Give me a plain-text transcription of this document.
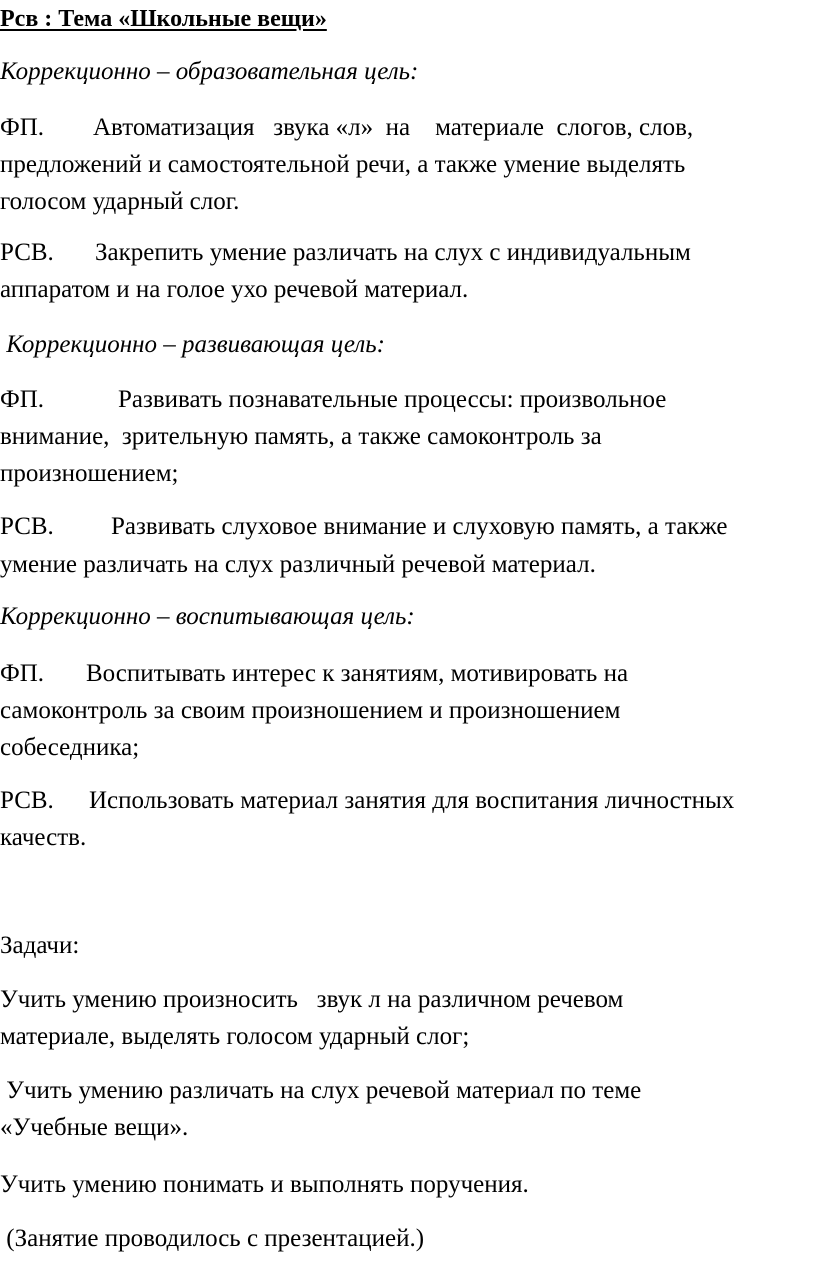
Рсв : Тема «Школьные вещи»
Коррекционно – образовательная цель:
ФП. Автоматизация   звука «л»  на    материале  слогов, слов,
предложений и самостоятельной речи, а также умение выделять
голосом ударный слог.
РСВ. Закрепить умение различать на слух с индивидуальным
аппаратом и на голое ухо речевой материал.
Коррекционно – развивающая цель:
ФП.	Развивать познавательные процессы: произвольное
внимание,  зрительную память, а также самоконтроль за
произношением;
РСВ. Развивать слуховое внимание и слуховую память, а также
умение различать на слух различный речевой материал.
Коррекционно – воспитывающая цель:
ФП. Воспитывать интерес к занятиям, мотивировать на
самоконтроль за своим произношением и произношением
собеседника;
РСВ. Использовать материал занятия для воспитания личностных
качеств.
Задачи:
Учить умению произносить   звук л на различном речевом
материале, выделять голосом ударный слог;
Учить умению различать на слух речевой материал по теме
«Учебные вещи».
Учить умению понимать и выполнять поручения.
(Занятие проводилось с презентацией.)
